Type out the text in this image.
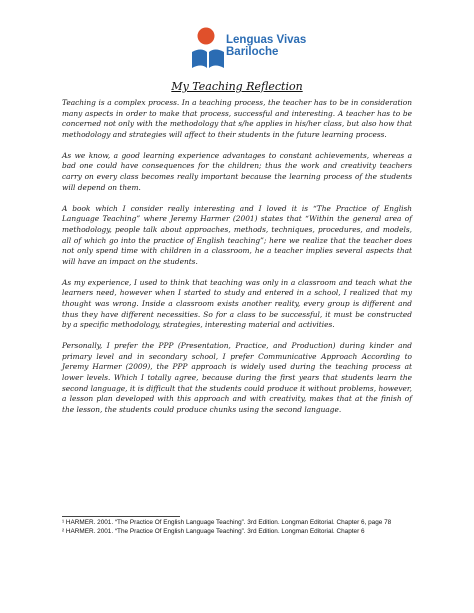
Lenguas Vivas
Bariloche
My Teaching Reflection

Teaching is a complex process. In a teaching process, the teacher has to be in consideration many aspects in order to make that process, successful and interesting. A teacher has to be concerned not only with the methodology that s/he applies in his/her class, but also how that methodology and strategies will affect to their students in the future learning process.

As we know, a good learning experience advantages to constant achievements, whereas a bad one could have consequences for the children; thus the work and creativity teachers carry on every class becomes really important because the learning process of the students will depend on them.

A book which I consider really interesting and I loved it is “The Practice of English Language Teaching” where Jeremy Harmer (2001) states that “Within the general area of methodology, people talk about approaches, methods, techniques, procedures, and models, all of which go into the practice of English teaching”; here we realize that the teacher does not only spend time with children in a classroom, he a teacher implies several aspects that will have an impact on the students.

As my experience, I used to think that teaching was only in a classroom and teach what the learners need, however when I started to study and entered in a school, I realized that my thought was wrong. Inside a classroom exists another reality, every group is different and thus they have different necessities. So for a class to be successful, it must be constructed by a specific methodology, strategies, interesting material and activities.

Personally, I prefer the PPP (Presentation, Practice, and Production) during kinder and primary level and in secondary school, I prefer Communicative Approach According to Jeremy Harmer (2009), the PPP approach is widely used during the teaching process at lower levels. Which I totally agree, because during the first years that students learn the second language, it is difficult that the students could produce it without problems, however, a lesson plan developed with this approach and with creativity, makes that at the finish of the lesson, the students could produce chunks using the second language.

¹ HARMER. 2001. “The Practice Of English Language Teaching”. 3rd Edition. Longman Editorial. Chapter 6, page 78
² HARMER. 2001. “The Practice Of English Language Teaching”. 3rd Edition. Longman Editorial. Chapter 6
